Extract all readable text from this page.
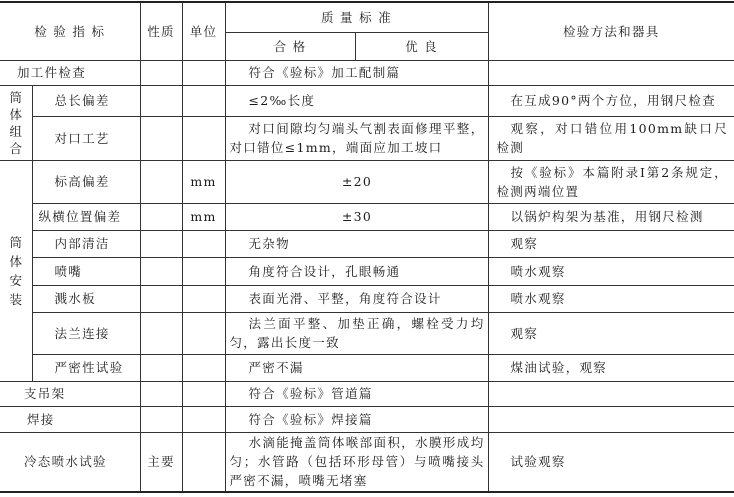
检 验 指 标		性质	单位	质 量 标 准		检验方法和器具
				合 格	优 良	
加工件检查				符合《验标》加工配制篇		

筒体组合	总长偏差			≤2‰长度		在互成90°两个方位，用钢尺检查
	对口工艺			对口间隙均匀端头气割表面修理平整，对口错位≤1mm，端面应加工坡口		观察，对口错位用100mm缺口尺检测

筒体安装	标高偏差		mm	±20		按《验标》本篇附录Ⅰ第2条规定，检测两端位置
	纵横位置偏差		mm	±30		以锅炉构架为基准，用钢尺检测
	内部清洁			无杂物		观察
	喷嘴			角度符合设计，孔眼畅通		喷水观察
	溅水板			表面光滑、平整，角度符合设计		喷水观察
	法兰连接			法兰面平整、加垫正确，螺栓受力均匀，露出长度一致		观察
	严密性试验			严密不漏		煤油试验，观察
支吊架				符合《验标》管道篇		
焊接				符合《验标》焊接篇		
冷态喷水试验		主要		水滴能掩盖筒体喉部面积，水膜形成均匀；水管路（包括环形母管）与喷嘴接头严密不漏，喷嘴无堵塞		试验观察
